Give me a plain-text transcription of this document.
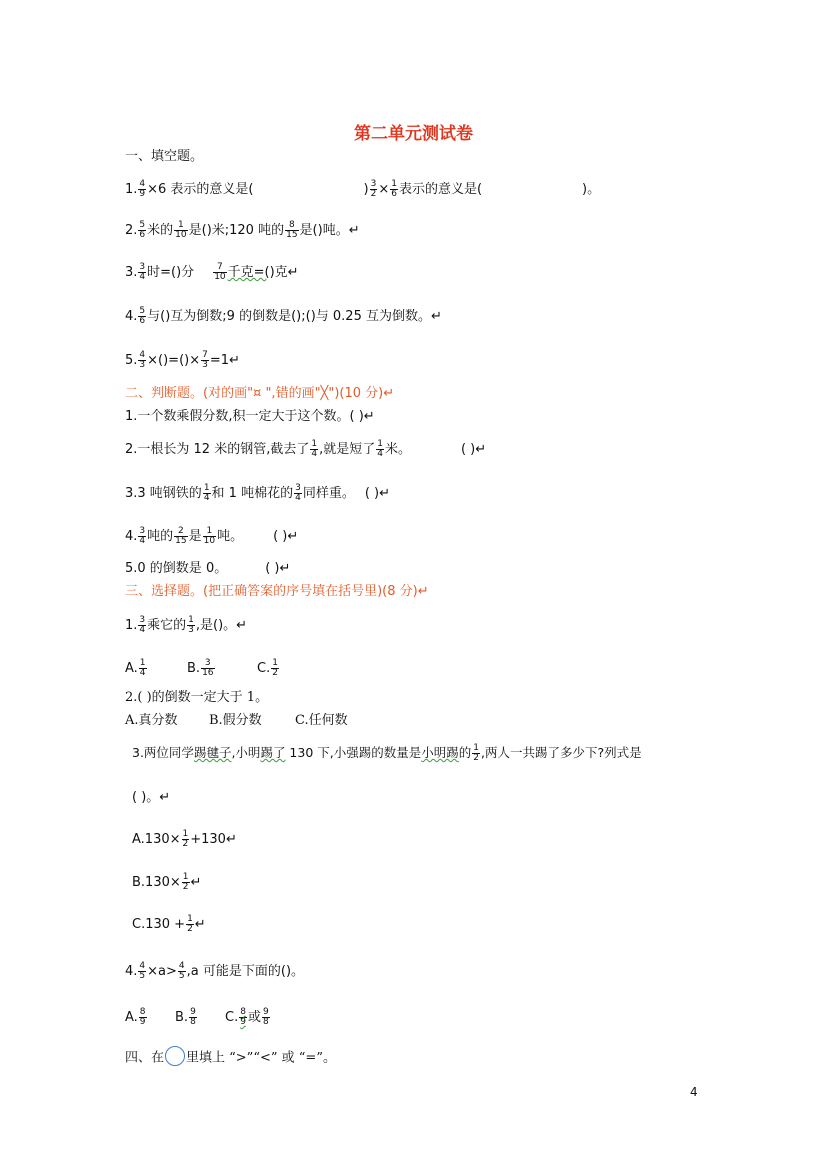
第二单元测试卷
一、填空题。
1. $\frac{4}{9} \times 6$ 表示的意义是(	) $\frac{3}{2} \times \frac{1}{6}$ 表示的意义是(	)。
2. $\frac{5}{6}$ 米的 $\frac{1}{10}$ 是()米;120 吨的 $\frac{8}{15}$ 是()吨。↵
3. $\frac{3}{4}$ 时=()分 $\frac{7}{10}$ 千克=()克↵
4. $\frac{5}{6}$ 与()互为倒数;9 的倒数是();()与 0.25 互为倒数。↵
5. $\frac{4}{3}$ ×()=()× $\frac{7}{3}$ =1↵
二、判断题。(对的画"¤ ",错的画"╳")(10 分)↵
1.一个数乘假分数,积一定大于这个数。( )↵
2.一根长为 12 米的钢管,截去了 $\frac{1}{4}$ ,就是短了 $\frac{1}{4}$ 米。	( )↵
3.3 吨钢铁的 $\frac{1}{4}$ 和 1 吨棉花的 $\frac{3}{4}$ 同样重。 ( )↵
4. $\frac{3}{4}$ 吨的 $\frac{2}{15}$ 是 $\frac{1}{10}$ 吨。 ( )↵
5.0 的倒数是 0。	( )↵
三、选择题。(把正确答案的序号填在括号里)(8 分)↵
1. $\frac{3}{4}$ 乘它的 $\frac{1}{3}$ ,是()。↵
A. $\frac{1}{4}$	B. $\frac{3}{16}$	C. $\frac{1}{2}$
2.( )的倒数一定大于 1。
A.真分数 B.假分数	C.任何数
3.两位同学踢毽子,小明踢了 130 下,小强踢的数量是小明踢的 $\frac{1}{2}$ ,两人一共踢了多少下?列式是
( )。↵
$A.130\times \frac{1}{2}$ +130↵
$B.130\times \frac{1}{2}$ ↵
$C.130 + \frac{1}{2}$ ↵
4. $\frac{4}{5} \times a> \frac{4}{5} ,a$ 可能是下面的()。
A. $\frac{8}{9} B$. $\frac{9}{8} C$. $\frac{8}{9}$ 或 $\frac{9}{8}$
四、在 里填上 “>”“<” 或 “=”。
4
